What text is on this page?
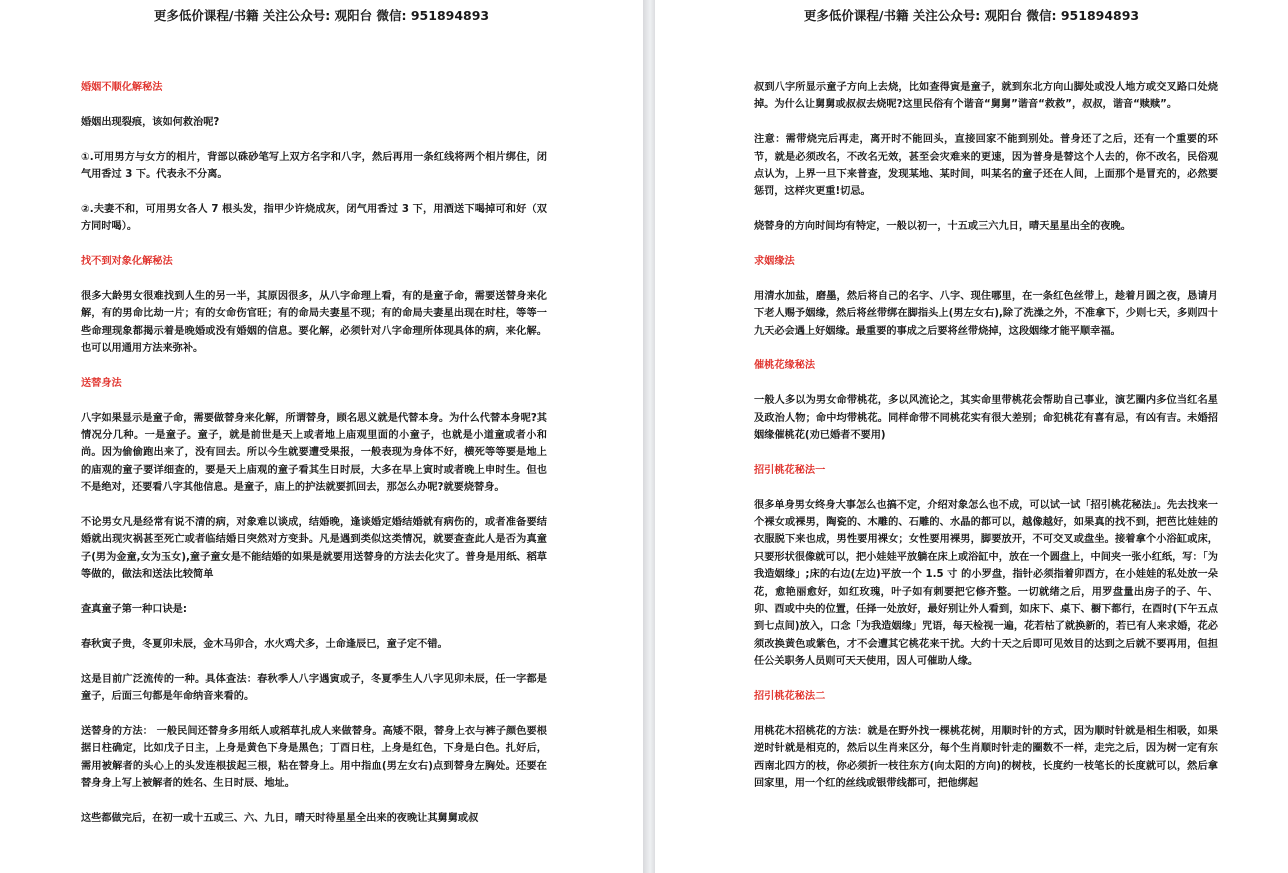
更多低价课程/书籍 关注公众号: 观阳台 微信: 951894893

婚姻不顺化解秘法

婚姻出现裂痕，该如何救治呢?

①.可用男方与女方的相片，背部以硃砂笔写上双方名字和八字，然后再用一条红线将两个相片绑住，闭气用香过 3 下。代表永不分离。

②.夫妻不和，可用男女各人 7 根头发，指甲少许烧成灰，闭气用香过 3 下，用酒送下喝掉可和好（双方同时喝）。

找不到对象化解秘法

很多大龄男女很难找到人生的另一半，其原因很多，从八字命理上看，有的是童子命，需要送替身来化解，有的男命比劫一片；有的女命伤官旺；有的命局夫妻星不现；有的命局夫妻星出现在时柱，等等一些命理现象都揭示着是晚婚或没有婚姻的信息。要化解，必须针对八字命理所体现具体的病，来化解。也可以用通用方法来弥补。

送替身法

八字如果显示是童子命，需要做替身来化解，所谓替身，顾名思义就是代替本身。为什么代替本身呢?其情况分几种。一是童子。童子，就是前世是天上或者地上庙观里面的小童子，也就是小道童或者小和尚。因为偷偷跑出来了，没有回去。所以今生就要遭受果报，一般表现为身体不好，横死等等要是地上的庙观的童子要详细查的，要是天上庙观的童子看其生日时辰，大多在早上寅时或者晚上申时生。但也不是绝对，还要看八字其他信息。是童子，庙上的护法就要抓回去，那怎么办呢?就要烧替身。

不论男女凡是经常有说不清的病，对象难以谈成，结婚晚，逢谈婚定婚结婚就有病伤的，或者准备要结婚就出现灾祸甚至死亡或者临结婚日突然对方变卦。凡是遇到类似这类情况，就要查查此人是否为真童子(男为金童,女为玉女),童子童女是不能结婚的如果是就要用送替身的方法去化灾了。普身是用纸、稻草等做的，做法和送法比较简单

查真童子第一种口诀是:

春秋寅子贵，冬夏卯未辰，金木马卯合，水火鸡犬多，土命逢辰巳，童子定不错。

这是目前广泛流传的一种。具体查法：春秋季人八字遇寅或子，冬夏季生人八字见卯未辰，任一字都是童子，后面三句都是年命纳音来看的。

送替身的方法： 一般民间还替身多用纸人或稻草扎成人来做替身。高矮不限，替身上衣与裤子颜色要根据日柱确定，比如戊子日主，上身是黄色下身是黑色；丁酉日柱，上身是红色，下身是白色。扎好后，需用被解者的头心上的头发连根拔起三根，粘在替身上。用中指血(男左女右)点到替身左胸处。还要在替身身上写上被解者的姓名、生日时辰、地址。

这些都做完后，在初一或十五或三、六、九日，晴天时待星星全出来的夜晚让其舅舅或叔

更多低价课程/书籍 关注公众号: 观阳台 微信: 951894893

叔到八字所显示童子方向上去烧，比如查得寅是童子，就到东北方向山脚处或没人地方或交叉路口处烧掉。为什么让舅舅或叔叔去烧呢?这里民俗有个谐音“舅舅”谐音“救救”，叔叔，谐音“赎赎”。

注意：需带烧完后再走，离开时不能回头，直接回家不能到别处。普身还了之后，还有一个重要的环节，就是必须改名，不改名无效，甚至会灾难来的更速，因为普身是替这个人去的，你不改名，民俗观点认为，上界一旦下来普查，发现某地、某时间，叫某名的童子还在人间，上面那个是冒充的，必然要惩罚，这样灾更重!切忌。

烧替身的方向时间均有特定，一般以初一，十五或三六九日，晴天星星出全的夜晚。

求姻缘法

用清水加盐，磨墨，然后将自己的名字、八字、现住哪里，在一条红色丝带上，趁着月圆之夜，恳请月下老人赐予姻缘，然后将丝带绑在脚指头上(男左女右),除了洗澡之外，不准拿下，少则七天，多则四十九天必会遇上好姻缘。最重要的事成之后要将丝带烧掉，这段姻缘才能平顺幸福。

催桃花缘秘法

一般人多以为男女命带桃花，多以风流论之，其实命里带桃花会帮助自己事业，演艺圈内多位当红名星及政治人物；命中均带桃花。同样命带不同桃花实有很大差别；命犯桃花有喜有忌，有凶有吉。未婚招姻缘催桃花(劝已婚者不要用)

招引桃花秘法一

很多单身男女终身大事怎么也搞不定，介绍对象怎么也不成，可以试一试「招引桃花秘法」。先去找来一个裸女或裸男，陶瓷的、木雕的、石雕的、水晶的都可以，越像越好，如果真的找不到，把芭比娃娃的衣服脱下来也成，男性要用裸女；女性要用裸男，脚要放开，不可交叉或盘坐。接着拿个小浴缸或床，只要形状很像就可以，把小娃娃平放躺在床上或浴缸中，放在一个圆盘上，中间夹一张小红纸，写：「为我造姻缘」;床的右边(左边)平放一个 1.5 寸 的小罗盘，指针必须指着卯酉方，在小娃娃的私处放一朵花，愈艳丽愈好，如红玫瑰，叶子如有刺要把它修齐整。一切就绪之后，用罗盘量出房子的子、午、卯、酉或中央的位置，任择一处放好，最好别让外人看到，如床下、桌下、橱下都行，在酉时(下午五点到七点间)放入，口念「为我造姻缘」咒语，每天检视一遍，花若枯了就换新的，若已有人来求婚，花必须改换黄色或紫色，才不会遭其它桃花来干扰。大约十天之后即可见效目的达到之后就不要再用，但担任公关职务人员则可天天使用，因人可催助人缘。

招引桃花秘法二

用桃花木招桃花的方法：就是在野外找一棵桃花树，用顺时针的方式，因为顺时针就是相生相吸，如果逆时针就是相克的，然后以生肖来区分，每个生肖顺时针走的圈数不一样，走完之后，因为树一定有东西南北四方的枝，你必须折一枝往东方(向太阳的方向)的树枝，长度约一枝笔长的长度就可以，然后拿回家里，用一个红的丝线或银带线都可，把他绑起
